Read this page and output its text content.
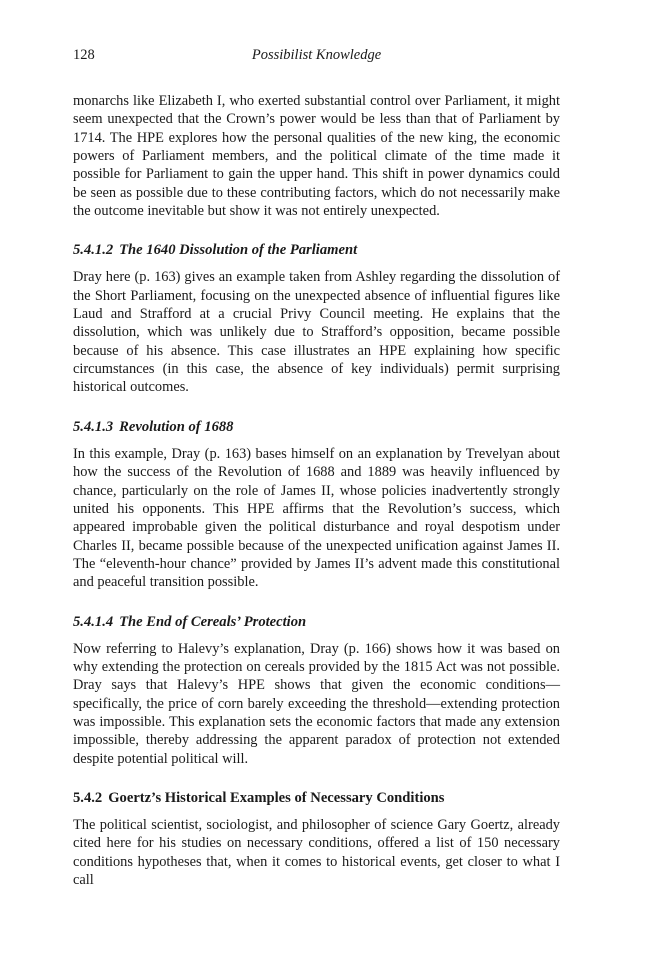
128	Possibilist Knowledge

monarchs like Elizabeth I, who exerted substantial control over Parliament, it might seem unexpected that the Crown’s power would be less than that of Parliament by 1714. The HPE explores how the personal qualities of the new king, the economic powers of Parliament members, and the political climate of the time made it possible for Parliament to gain the upper hand. This shift in power dynamics could be seen as possible due to these contributing factors, which do not necessarily make the outcome inevitable but show it was not entirely unexpected.

5.4.1.2 The 1640 Dissolution of the Parliament

Dray here (p. 163) gives an example taken from Ashley regarding the dissolution of the Short Parliament, focusing on the unexpected absence of influential figures like Laud and Strafford at a crucial Privy Council meeting. He explains that the dissolution, which was unlikely due to Strafford’s opposition, became possible because of his absence. This case illustrates an HPE explaining how specific circumstances (in this case, the absence of key individuals) permit surprising historical outcomes.

5.4.1.3 Revolution of 1688

In this example, Dray (p. 163) bases himself on an explanation by Trevelyan about how the success of the Revolution of 1688 and 1889 was heavily influenced by chance, particularly on the role of James II, whose policies inadvertently strongly united his opponents. This HPE affirms that the Revolution’s success, which appeared improbable given the political disturbance and royal despotism under Charles II, became possible because of the unexpected unification against James II. The “eleventh-hour chance” provided by James II’s advent made this constitutional and peaceful transition possible.

5.4.1.4 The End of Cereals’ Protection

Now referring to Halevy’s explanation, Dray (p. 166) shows how it was based on why extending the protection on cereals provided by the 1815 Act was not possible. Dray says that Halevy’s HPE shows that given the economic conditions—specifically, the price of corn barely exceeding the threshold—extending protection was impossible. This explanation sets the economic factors that made any extension impossible, thereby addressing the apparent paradox of protection not extended despite potential political will.

5.4.2 Goertz’s Historical Examples of Necessary Conditions

The political scientist, sociologist, and philosopher of science Gary Goertz, already cited here for his studies on necessary conditions, offered a list of 150 necessary conditions hypotheses that, when it comes to historical events, get closer to what I call
